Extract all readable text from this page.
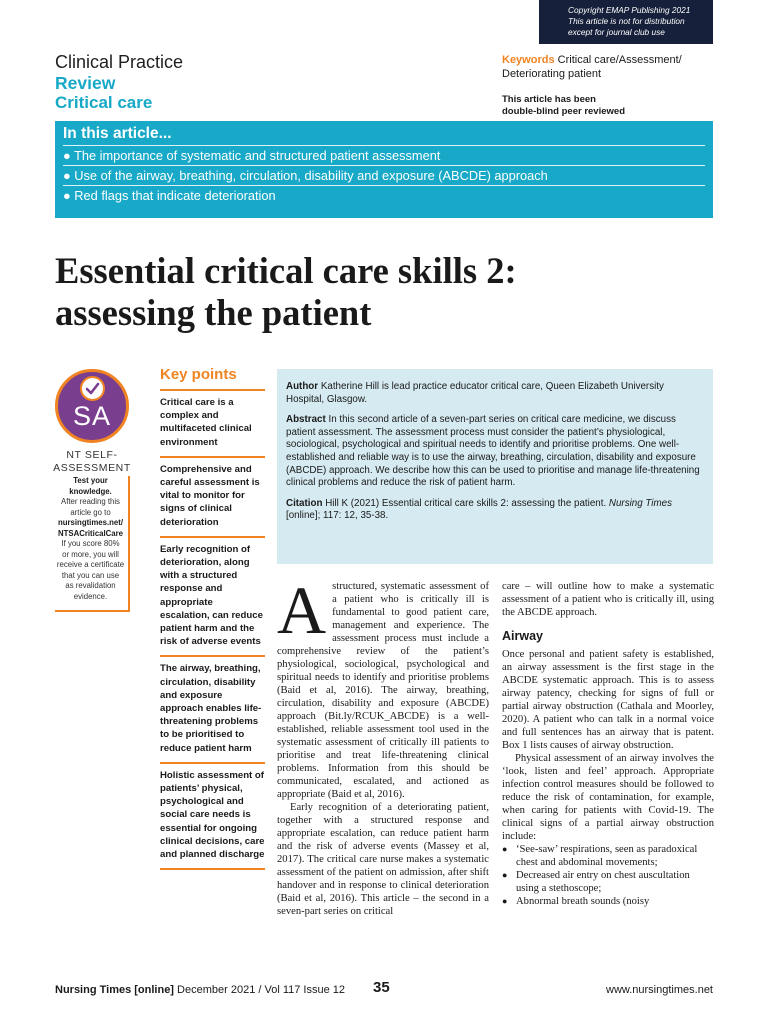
Copyright EMAP Publishing 2021
This article is not for distribution
except for journal club use
Clinical Practice
Review
Critical care
Keywords Critical care/Assessment/
Deteriorating patient
This article has been
double-blind peer reviewed
In this article...
● The importance of systematic and structured patient assessment
● Use of the airway, breathing, circulation, disability and exposure (ABCDE) approach
● Red flags that indicate deterioration
Essential critical care skills 2:
assessing the patient
SA
NT SELF-
ASSESSMENT
Test your
knowledge.
After reading this
article go to
nursingtimes.net/
NTSACriticalCare
If you score 80%
or more, you will
receive a certificate
that you can use
as revalidation
evidence.
Key points
Critical care is a complex and multifaceted clinical environment
Comprehensive and careful assessment is vital to monitor for signs of clinical deterioration
Early recognition of deterioration, along with a structured response and appropriate escalation, can reduce patient harm and the risk of adverse events
The airway, breathing, circulation, disability and exposure approach enables life-threatening problems to be prioritised to reduce patient harm
Holistic assessment of patients’ physical, psychological and social care needs is essential for ongoing clinical decisions, care and planned discharge

Author Katherine Hill is lead practice educator critical care, Queen Elizabeth University Hospital, Glasgow.

Abstract In this second article of a seven-part series on critical care medicine, we discuss patient assessment. The assessment process must consider the patient’s physiological, sociological, psychological and spiritual needs to identify and prioritise problems. One well-established and reliable way is to use the airway, breathing, circulation, disability and exposure (ABCDE) approach. We describe how this can be used to prioritise and manage life-threatening clinical problems and reduce the risk of patient harm.

Citation Hill K (2021) Essential critical care skills 2: assessing the patient. Nursing Times [online]; 117: 12, 35-38.

Astructured, systematic assessment of a patient who is critically ill is fundamental to good patient care, management and experience. The assessment process must include a comprehensive review of the patient’s physiological, sociological, psychological and spiritual needs to identify and prioritise problems (Baid et al, 2016). The airway, breathing, circulation, disability and exposure (ABCDE) approach (Bit.ly/RCUK_ABCDE) is a well-established, reliable assessment tool used in the systematic assessment of critically ill patients to prioritise and treat life-threatening clinical problems. Information from this should be communicated, escalated, and actioned as appropriate (Baid et al, 2016).

Early recognition of a deteriorating patient, together with a structured response and appropriate escalation, can reduce patient harm and the risk of adverse events (Massey et al, 2017). The critical care nurse makes a systematic assessment of the patient on admission, after shift handover and in response to clinical deterioration (Baid et al, 2016). This article – the second in a seven-part series on critical

care – will outline how to make a systematic assessment of a patient who is critically ill, using the ABCDE approach.

Airway

Once personal and patient safety is established, an airway assessment is the first stage in the ABCDE systematic approach. This is to assess airway patency, checking for signs of full or partial airway obstruction (Cathala and Moorley, 2020). A patient who can talk in a normal voice and full sentences has an airway that is patent. Box 1 lists causes of airway obstruction.

Physical assessment of an airway involves the ‘look, listen and feel’ approach. Appropriate infection control measures should be followed to reduce the risk of contamination, for example, when caring for patients with Covid-19. The clinical signs of a partial airway obstruction include:

● ‘See-saw’ respirations, seen as paradoxical chest and abdominal movements;
● Decreased air entry on chest auscultation using a stethoscope;
● Abnormal breath sounds (noisy
Nursing Times [online] December 2021 / Vol 117 Issue 12 35	www.nursingtimes.net
